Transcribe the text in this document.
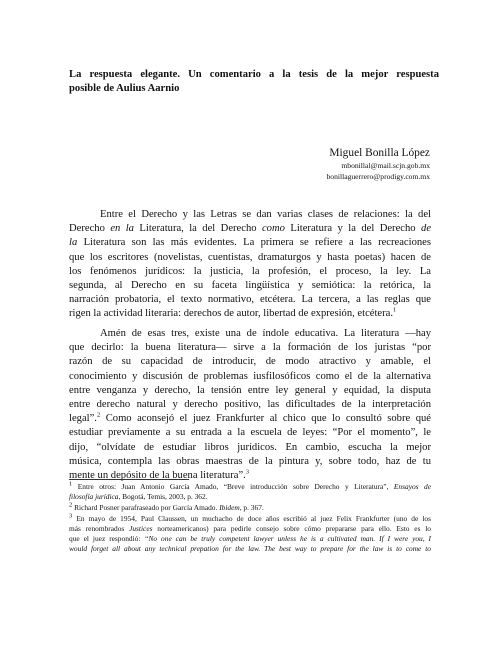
La respuesta elegante. Un comentario a la tesis de la mejor respuesta
posible de Aulius Aarnio
Miguel Bonilla López
mbonillal@mail.scjn.gob.mx
bonillaguerrero@prodigy.com.mx
Entre el Derecho y las Letras se dan varias clases de relaciones: la del
Derecho en la Literatura, la del Derecho como Literatura y la del Derecho de
la Literatura son las más evidentes. La primera se refiere a las recreaciones
que los escritores (novelistas, cuentistas, dramaturgos y hasta poetas) hacen de
los fenómenos jurídicos: la justicia, la profesión, el proceso, la ley. La
segunda, al Derecho en su faceta lingüística y semiótica: la retórica, la
narración probatoria, el texto normativo, etcétera. La tercera, a las reglas que
rigen la actividad literaria: derechos de autor, libertad de expresión, etcétera.$^1$
Amén de esas tres, existe una de índole educativa. La literatura —hay
que decirlo: la buena literatura— sirve a la formación de los juristas “por
razón de su capacidad de introducir, de modo atractivo y amable, el
conocimiento y discusión de problemas iusfilosóficos como el de la alternativa
entre venganza y derecho, la tensión entre ley general y equidad, la disputa
entre derecho natural y derecho positivo, las dificultades de la interpretación
legal”.$^2$ Como aconsejó el juez Frankfurter al chico que lo consultó sobre qué
estudiar previamente a su entrada a la escuela de leyes: “Por el momento”, le
dijo, “olvídate de estudiar libros jurídicos. En cambio, escucha la mejor
música, contempla las obras maestras de la pintura y, sobre todo, haz de tu
mente un depósito de la buena literatura”.$^3$
$^1$ Entre otros: Juan Antonio García Amado, “Breve introducción sobre Derecho y Literatura”, Ensayos de
filosofía jurídica, Bogotá, Temis, 2003, p. 362.
$^2$ Richard Posner parafraseado por García Amado. Ibidem, p. 367.
$^3$ En mayo de 1954, Paul Claussen, un muchacho de doce años escribió al juez Felix Frankfurter (uno de los
más renombrados Justices norteamericanos) para pedirle consejo sobre cómo prepararse para ello. Esto es lo
que el juez respondió: “No one can be truly competent lawyer unless he is a cultivated man. If I were you, I
would forget all about any technical prepation for the law. The best way to prepare for the law is to come to
